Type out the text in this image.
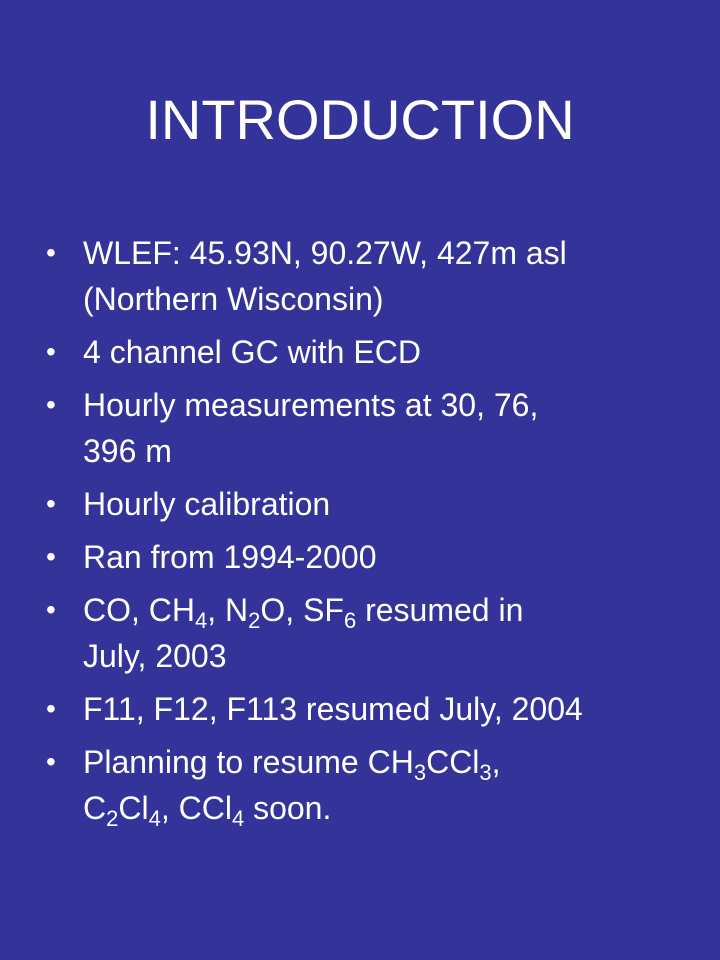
INTRODUCTION
• WLEF: 45.93N, 90.27W, 427m asl
(Northern Wisconsin)
• 4 channel GC with ECD
• Hourly measurements at 30, 76,
396 m
• Hourly calibration
• Ran from 1994-2000
• CO, $CH_4$, $N_2O$, $SF_6$ resumed in
July, 2003
• F11, F12, F113 resumed July, 2004
• Planning to resume $CH_3CCl_3$,
$C_2Cl_4$, CCl$_4$ soon.
